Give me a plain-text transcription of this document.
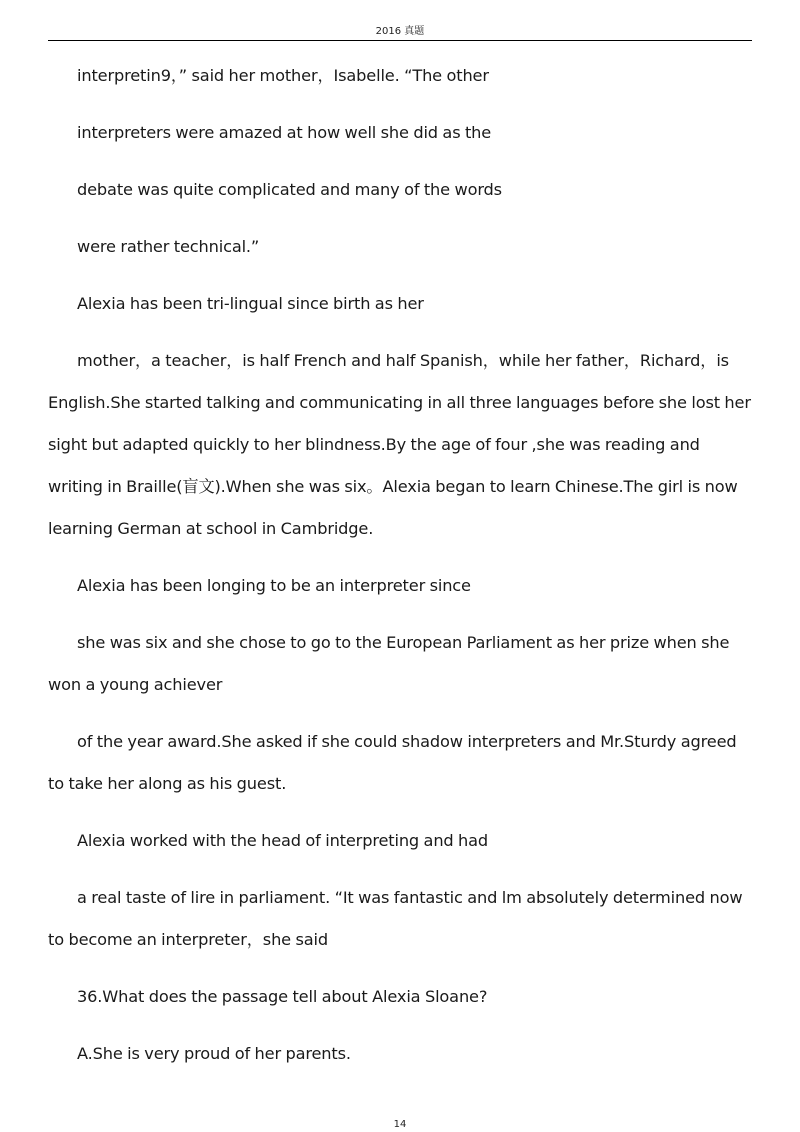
2016 真题

interpretin9，” said her mother，Isabelle. “The other

interpreters were amazed at how well she did as the

debate was quite complicated and many of the words

were rather technical.”

Alexia has been tri-lingual since birth as her

mother，a teacher，is half French and half Spanish，while her father，Richard，is English.She started talking and communicating in all three languages before she lost her sight but adapted quickly to her blindness.By the age of four ,she was reading and writing in Braille(盲文).When she was six。Alexia began to learn Chinese.The girl is now learning German at school in Cambridge.

Alexia has been longing to be an interpreter since

she was six and she chose to go to the European Parliament as her prize when she won a young achiever

of the year award.She asked if she could shadow interpreters and Mr.Sturdy agreed to take her along as his guest.

Alexia worked with the head of interpreting and had

a real taste of lire in parliament. “It was fantastic and lm absolutely determined now to become an interpreter，she said

36.What does the passage tell about Alexia Sloane?

A.She is very proud of her parents.

14
